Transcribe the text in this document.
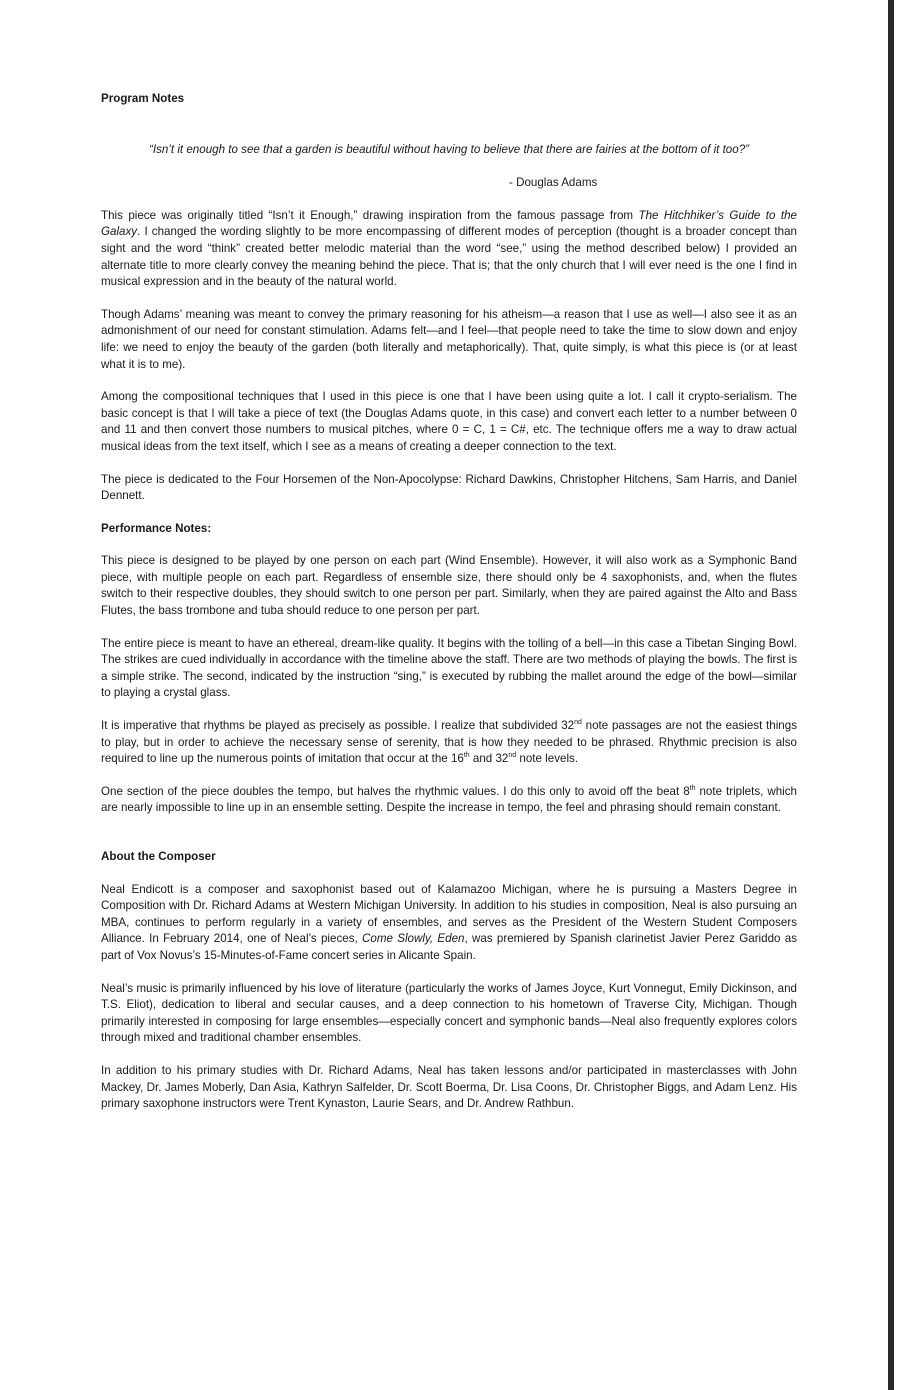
Program Notes

“Isn’t it enough to see that a garden is beautiful without having to believe that there are fairies at the bottom of it too?”

- Douglas Adams

This piece was originally titled “Isn’t it Enough,” drawing inspiration from the famous passage from The Hitchhiker’s Guide to the Galaxy. I changed the wording slightly to be more encompassing of different modes of perception (thought is a broader concept than sight and the word “think” created better melodic material than the word “see,” using the method described below) I provided an alternate title to more clearly convey the meaning behind the piece. That is; that the only church that I will ever need is the one I find in musical expression and in the beauty of the natural world.

Though Adams’ meaning was meant to convey the primary reasoning for his atheism—a reason that I use as well—I also see it as an admonishment of our need for constant stimulation. Adams felt—and I feel—that people need to take the time to slow down and enjoy life: we need to enjoy the beauty of the garden (both literally and metaphorically). That, quite simply, is what this piece is (or at least what it is to me).

Among the compositional techniques that I used in this piece is one that I have been using quite a lot. I call it crypto-serialism. The basic concept is that I will take a piece of text (the Douglas Adams quote, in this case) and convert each letter to a number between 0 and 11 and then convert those numbers to musical pitches, where 0 = C, 1 = C#, etc. The technique offers me a way to draw actual musical ideas from the text itself, which I see as a means of creating a deeper connection to the text.

The piece is dedicated to the Four Horsemen of the Non-Apocolypse: Richard Dawkins, Christopher Hitchens, Sam Harris, and Daniel Dennett.

Performance Notes:

This piece is designed to be played by one person on each part (Wind Ensemble). However, it will also work as a Symphonic Band piece, with multiple people on each part. Regardless of ensemble size, there should only be 4 saxophonists, and, when the flutes switch to their respective doubles, they should switch to one person per part. Similarly, when they are paired against the Alto and Bass Flutes, the bass trombone and tuba should reduce to one person per part.

The entire piece is meant to have an ethereal, dream-like quality. It begins with the tolling of a bell—in this case a Tibetan Singing Bowl. The strikes are cued individually in accordance with the timeline above the staff. There are two methods of playing the bowls. The first is a simple strike. The second, indicated by the instruction “sing,” is executed by rubbing the mallet around the edge of the bowl—similar to playing a crystal glass.

It is imperative that rhythms be played as precisely as possible. I realize that subdivided 32nd note passages are not the easiest things to play, but in order to achieve the necessary sense of serenity, that is how they needed to be phrased. Rhythmic precision is also required to line up the numerous points of imitation that occur at the 16th and 32nd note levels.

One section of the piece doubles the tempo, but halves the rhythmic values. I do this only to avoid off the beat 8th note triplets, which are nearly impossible to line up in an ensemble setting. Despite the increase in tempo, the feel and phrasing should remain constant.

About the Composer

Neal Endicott is a composer and saxophonist based out of Kalamazoo Michigan, where he is pursuing a Masters Degree in Composition with Dr. Richard Adams at Western Michigan University. In addition to his studies in composition, Neal is also pursuing an MBA, continues to perform regularly in a variety of ensembles, and serves as the President of the Western Student Composers Alliance. In February 2014, one of Neal’s pieces, Come Slowly, Eden, was premiered by Spanish clarinetist Javier Perez Gariddo as part of Vox Novus’s 15-Minutes-of-Fame concert series in Alicante Spain.

Neal’s music is primarily influenced by his love of literature (particularly the works of James Joyce, Kurt Vonnegut, Emily Dickinson, and T.S. Eliot), dedication to liberal and secular causes, and a deep connection to his hometown of Traverse City, Michigan. Though primarily interested in composing for large ensembles—especially concert and symphonic bands—Neal also frequently explores colors through mixed and traditional chamber ensembles.

In addition to his primary studies with Dr. Richard Adams, Neal has taken lessons and/or participated in masterclasses with John Mackey, Dr. James Moberly, Dan Asia, Kathryn Salfelder, Dr. Scott Boerma, Dr. Lisa Coons, Dr. Christopher Biggs, and Adam Lenz. His primary saxophone instructors were Trent Kynaston, Laurie Sears, and Dr. Andrew Rathbun.
